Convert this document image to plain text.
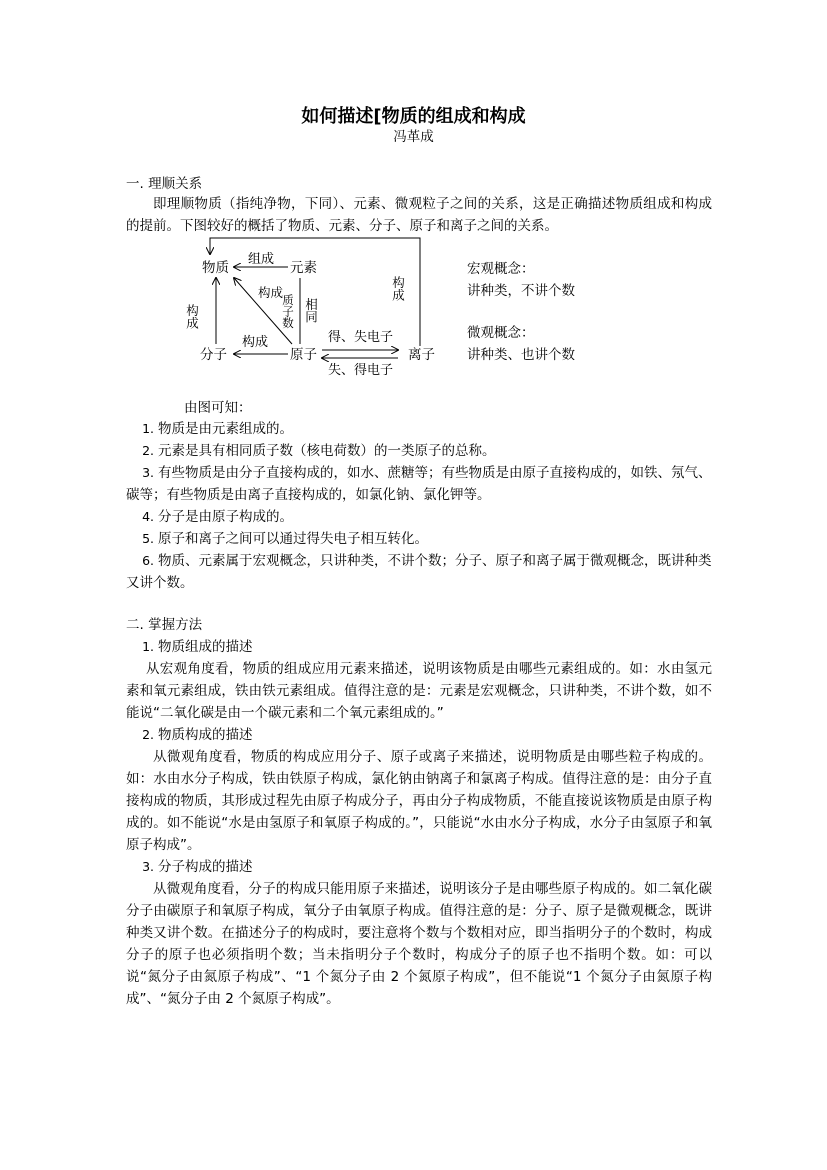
如何描述[物质的组成和构成
冯革成
一. 理顺关系
即理顺物质（指纯净物，下同）、元素、微观粒子之间的关系，这是正确描述物质组成和构成的提前。下图较好的概括了物质、元素、分子、原子和离子之间的关系。
物质	元素
分子	原子	离子
组成
构成
构成
质子数 相同
构成
构成	得、失电子
失、得电子
宏观概念：
讲种类，不讲个数
微观概念：
讲种类、也讲个数
由图可知：
1. 物质是由元素组成的。
2. 元素是具有相同质子数（核电荷数）的一类原子的总称。
3. 有些物质是由分子直接构成的，如水、蔗糖等；有些物质是由原子直接构成的，如铁、氖气、碳等；有些物质是由离子直接构成的，如氯化钠、氯化钾等。
4. 分子是由原子构成的。
5. 原子和离子之间可以通过得失电子相互转化。
6. 物质、元素属于宏观概念，只讲种类，不讲个数；分子、原子和离子属于微观概念，既讲种类又讲个数。
二. 掌握方法
1. 物质组成的描述
从宏观角度看，物质的组成应用元素来描述，说明该物质是由哪些元素组成的。如：水由氢元素和氧元素组成，铁由铁元素组成。值得注意的是：元素是宏观概念，只讲种类，不讲个数，如不能说“二氧化碳是由一个碳元素和二个氧元素组成的。”
2. 物质构成的描述
从微观角度看，物质的构成应用分子、原子或离子来描述，说明物质是由哪些粒子构成的。如：水由水分子构成，铁由铁原子构成，氯化钠由钠离子和氯离子构成。值得注意的是：由分子直接构成的物质，其形成过程先由原子构成分子，再由分子构成物质，不能直接说该物质是由原子构成的。如不能说“水是由氢原子和氧原子构成的。”，只能说“水由水分子构成，水分子由氢原子和氧原子构成”。
3. 分子构成的描述
从微观角度看，分子的构成只能用原子来描述，说明该分子是由哪些原子构成的。如二氧化碳分子由碳原子和氧原子构成，氧分子由氧原子构成。值得注意的是：分子、原子是微观概念，既讲种类又讲个数。在描述分子的构成时，要注意将个数与个数相对应，即当指明分子的个数时，构成分子的原子也必须指明个数；当未指明分子个数时，构成分子的原子也不指明个数。如：可以说“氮分子由氮原子构成”、“1 个氮分子由 2 个氮原子构成”，但不能说“1 个氮分子由氮原子构成”、“氮分子由 2 个氮原子构成”。
